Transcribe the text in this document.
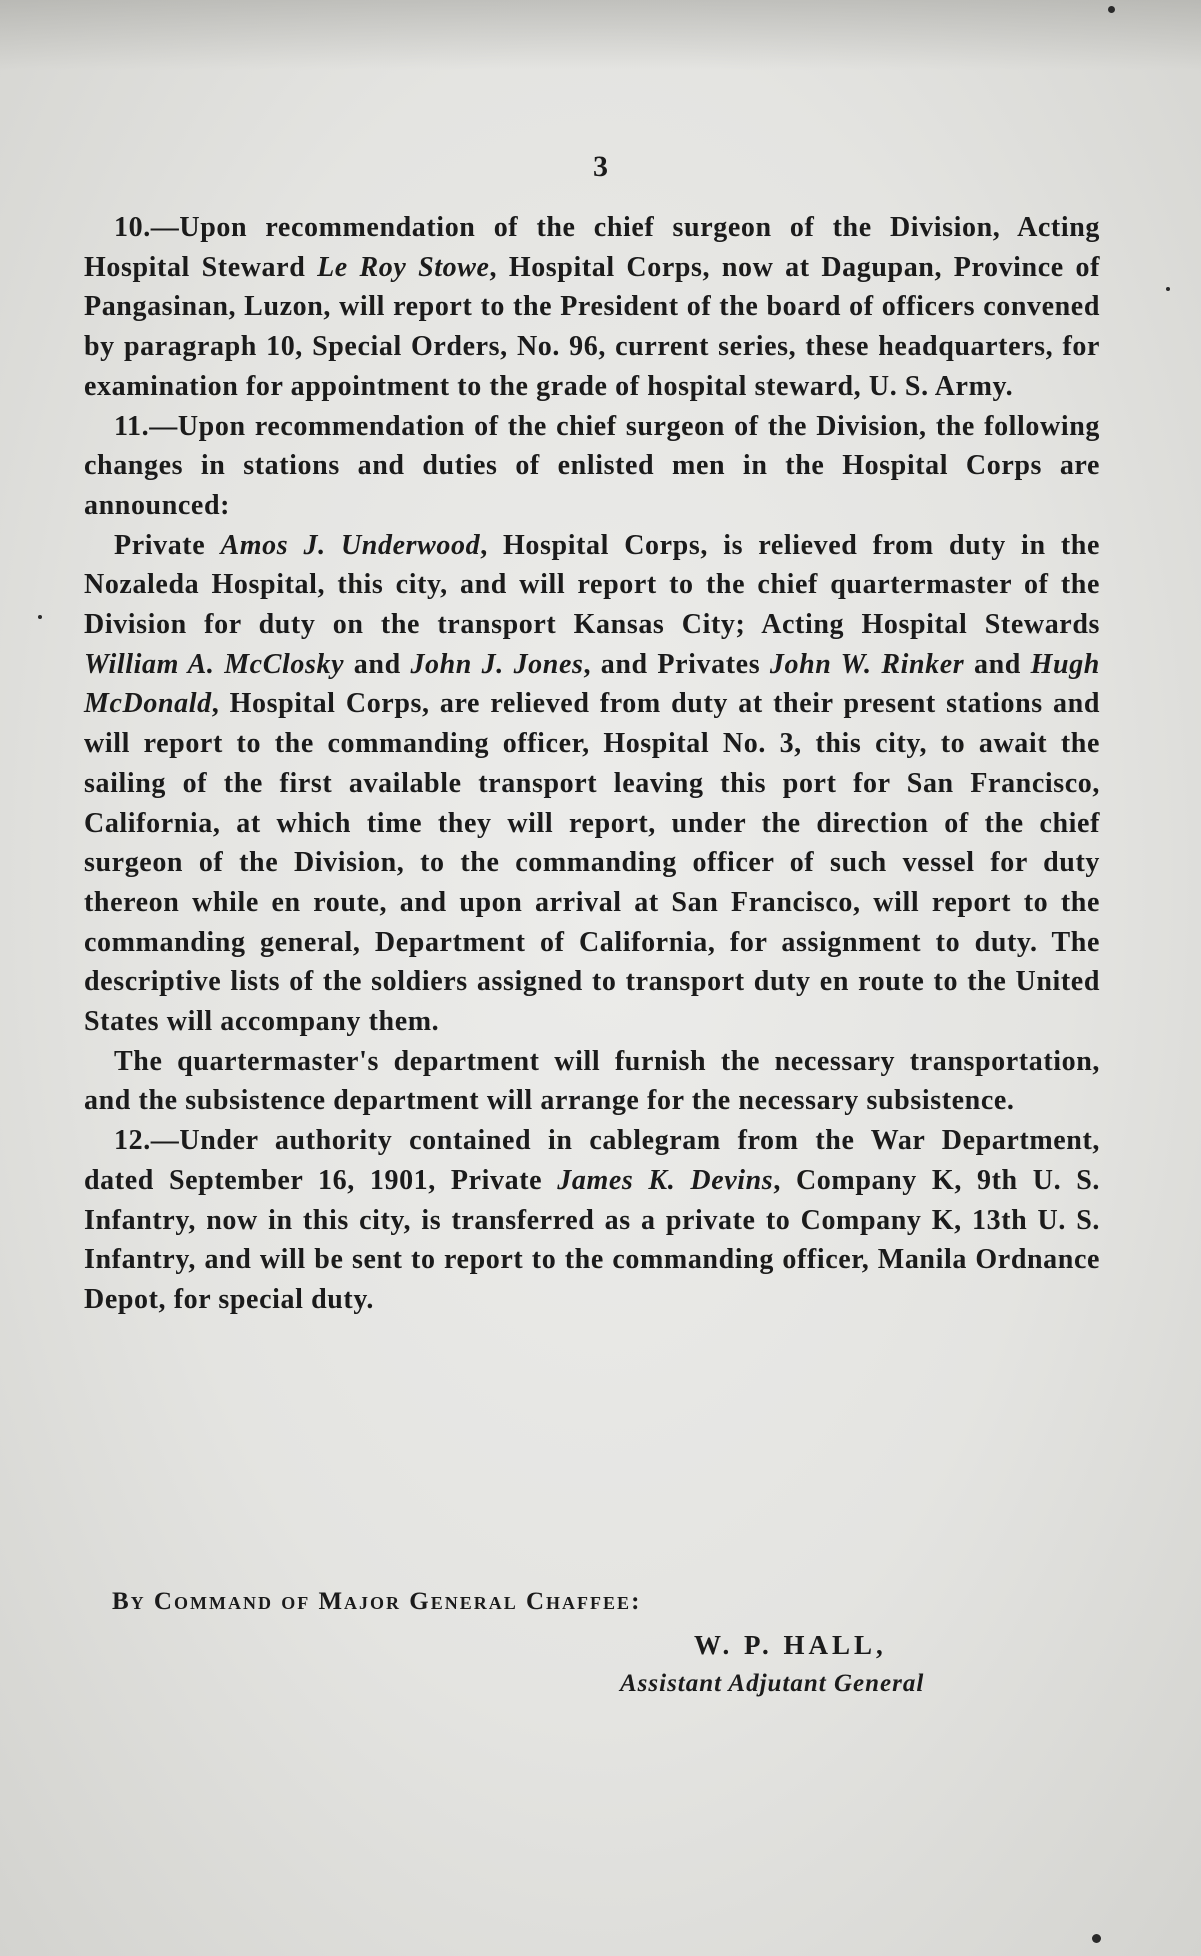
3

10.—Upon recommendation of the chief surgeon of the Division, Acting Hospital Steward Le Roy Stowe, Hospital Corps, now at Dagupan, Province of Pangasinan, Luzon, will report to the President of the board of officers convened by paragraph 10, Special Orders, No. 96, current series, these headquarters, for examination for appointment to the grade of hospital steward, U. S. Army.

11.—Upon recommendation of the chief surgeon of the Division, the following changes in stations and duties of enlisted men in the Hospital Corps are announced:

Private Amos J. Underwood, Hospital Corps, is relieved from duty in the Nozaleda Hospital, this city, and will report to the chief quartermaster of the Division for duty on the transport Kansas City; Acting Hospital Stewards William A. McClosky and John J. Jones, and Privates John W. Rinker and Hugh McDonald, Hospital Corps, are relieved from duty at their present stations and will report to the commanding officer, Hospital No. 3, this city, to await the sailing of the first available transport leaving this port for San Francisco, California, at which time they will report, under the direction of the chief surgeon of the Division, to the commanding officer of such vessel for duty thereon while en route, and upon arrival at San Francisco, will report to the commanding general, Department of California, for assignment to duty. The descriptive lists of the soldiers assigned to transport duty en route to the United States will accompany them.

The quartermaster's department will furnish the necessary transportation, and the subsistence department will arrange for the necessary subsistence.

12.—Under authority contained in cablegram from the War Department, dated September 16, 1901, Private James K. Devins, Company K, 9th U. S. Infantry, now in this city, is transferred as a private to Company K, 13th U. S. Infantry, and will be sent to report to the commanding officer, Manila Ordnance Depot, for special duty.

By Command of Major General Chaffee:
W. P. HALL,
Assistant Adjutant General
